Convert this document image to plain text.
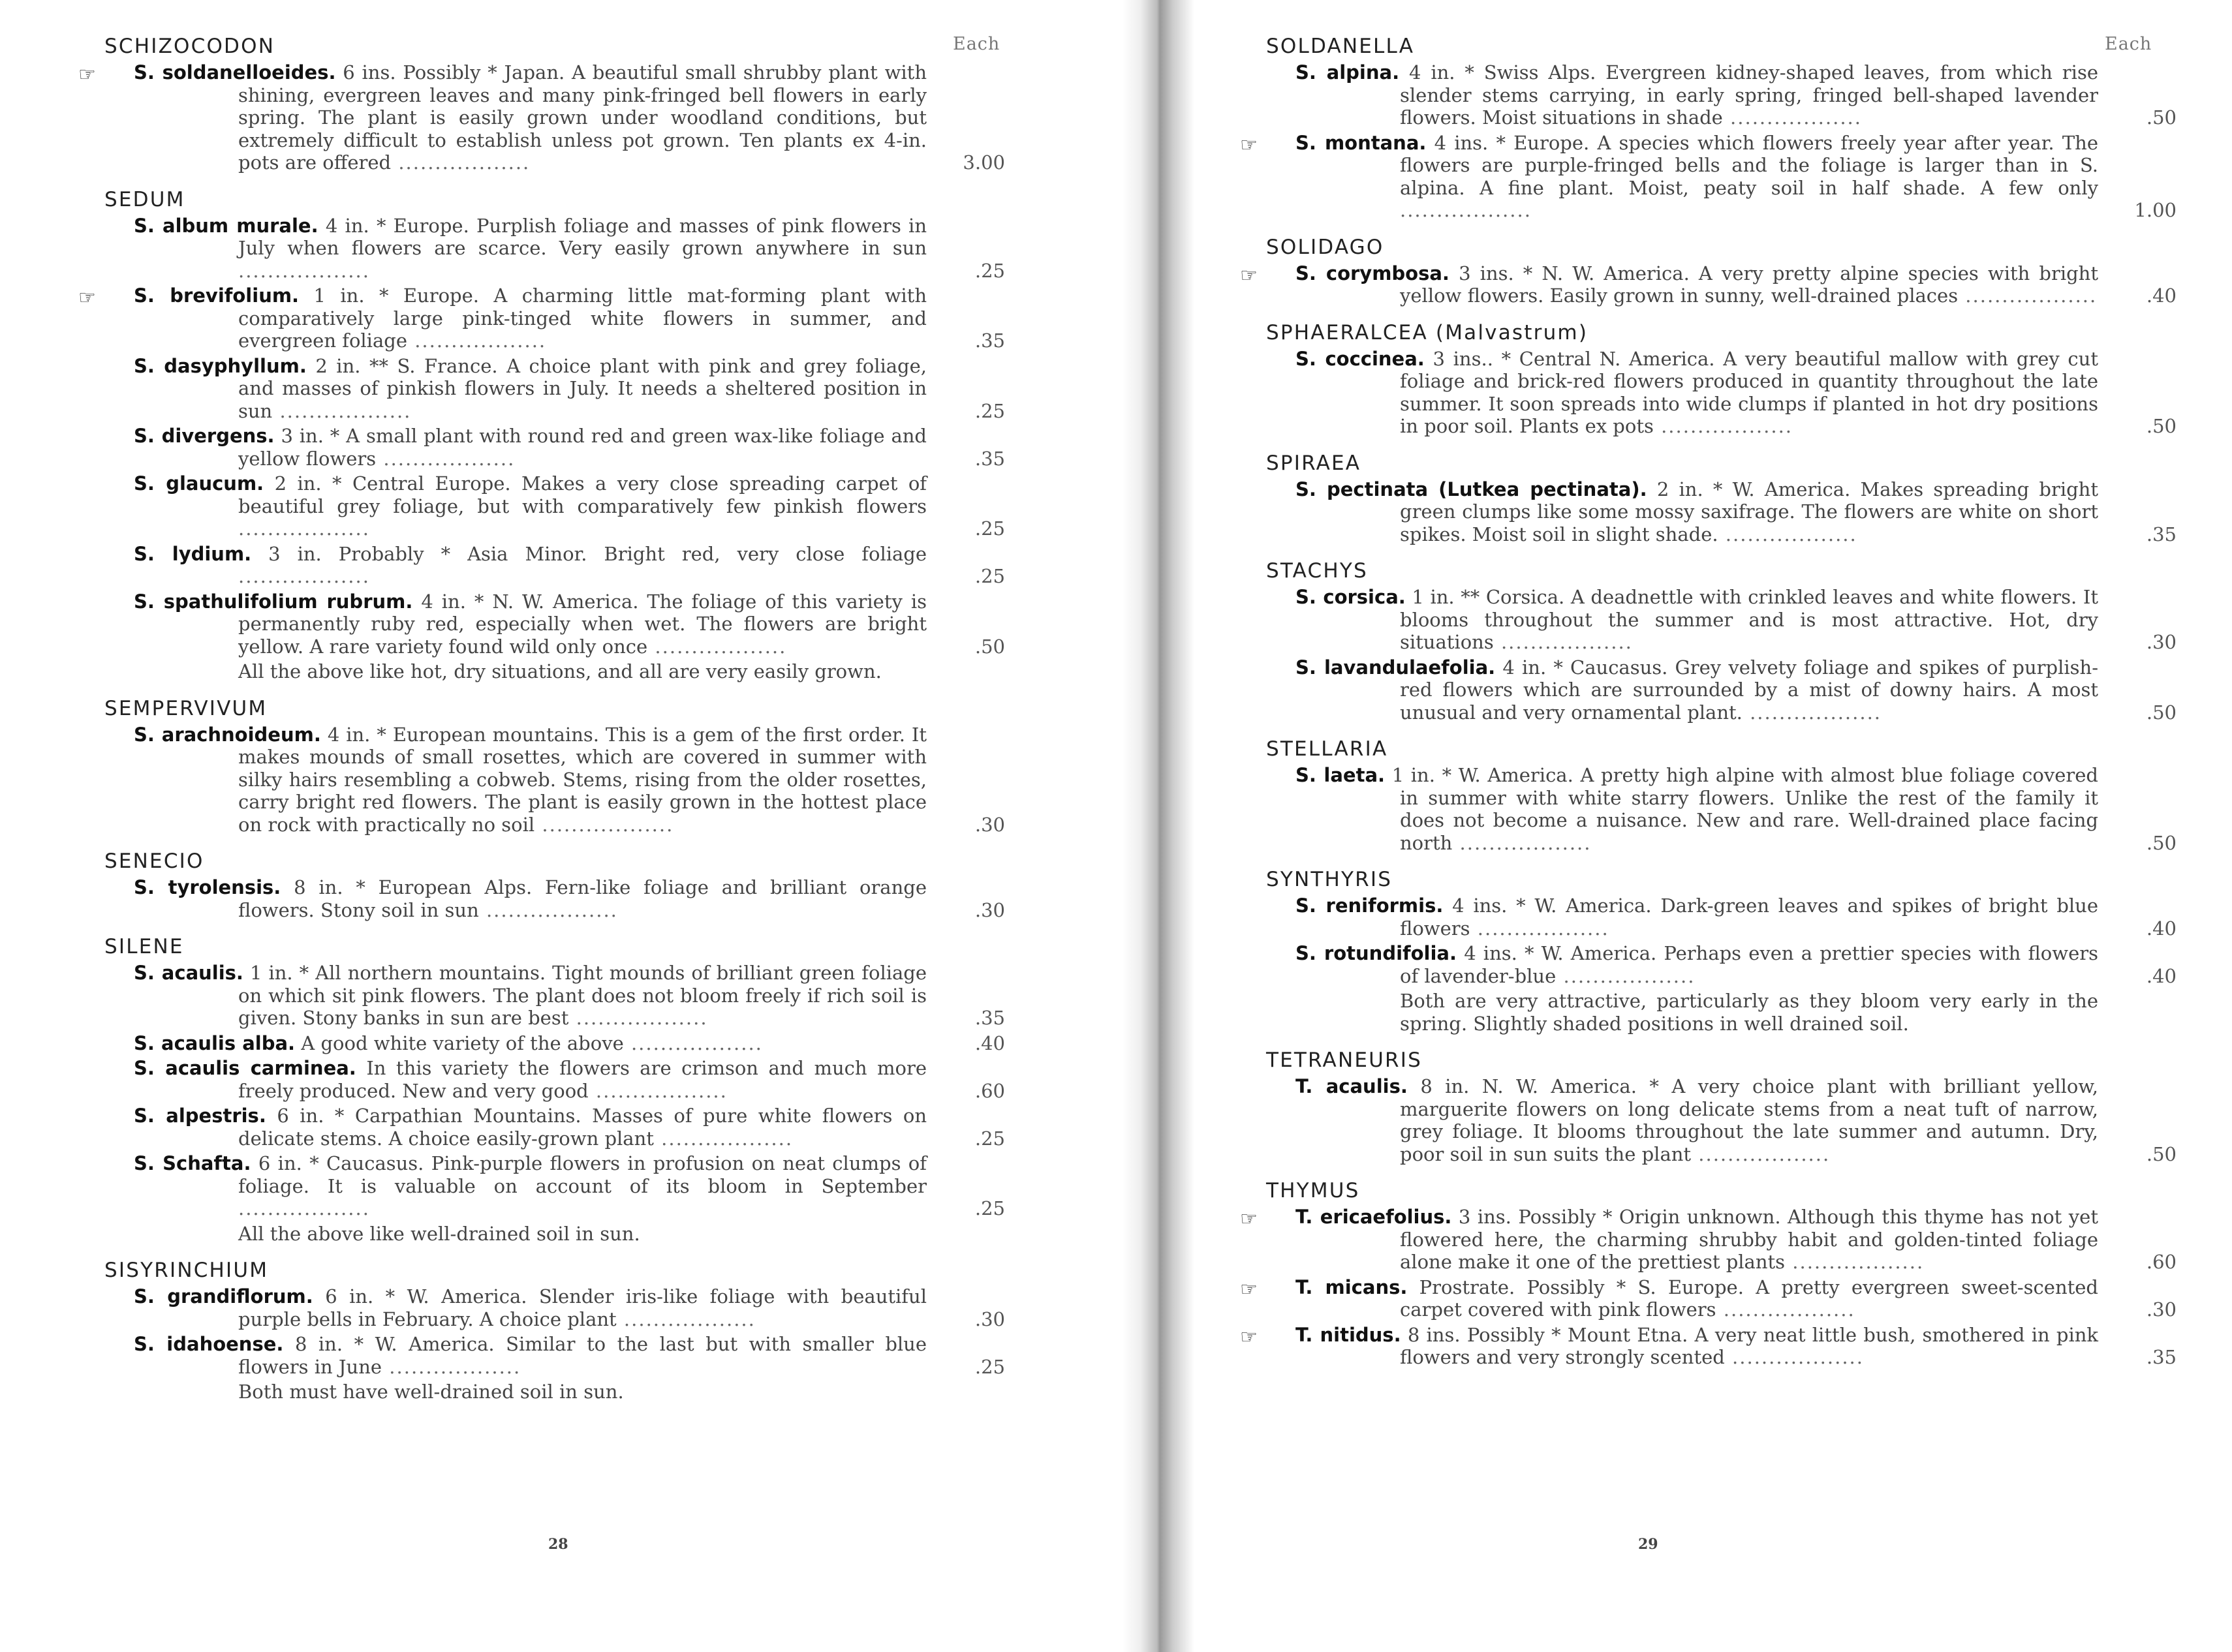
Each
SCHIZOCODON
☞ S. soldanelloeides. 6 ins. Possibly * Japan. A beautiful small shrubby plant with shining, evergreen leaves and many pink-fringed bell flowers in early spring. The plant is easily grown under woodland conditions, but extremely difficult to establish unless pot grown. Ten plants ex 4-in. pots are offered ..................	3.00
SEDUM
S. album murale. 4 in. * Europe. Purplish foliage and masses of pink flowers in July when flowers are scarce. Very easily grown anywhere in sun ..................	.25
☞ S. brevifolium. 1 in. * Europe. A charming little mat-forming plant with comparatively large pink-tinged white flowers in summer, and evergreen foliage ..................	.35
S. dasyphyllum. 2 in. ** S. France. A choice plant with pink and grey foliage, and masses of pinkish flowers in July. It needs a sheltered position in sun ..................	.25
S. divergens. 3 in. * A small plant with round red and green wax-like foliage and yellow flowers ..................	.35
S. glaucum. 2 in. * Central Europe. Makes a very close spreading carpet of beautiful grey foliage, but with comparatively few pinkish flowers ..................	.25
S. lydium. 3 in. Probably * Asia Minor. Bright red, very close foliage ..................	.25
S. spathulifolium rubrum. 4 in. * N. W. America. The foliage of this variety is permanently ruby red, especially when wet. The flowers are bright yellow. A rare variety found wild only once ..................	.50
All the above like hot, dry situations, and all are very easily grown.
SEMPERVIVUM
S. arachnoideum. 4 in. * European mountains. This is a gem of the first order. It makes mounds of small rosettes, which are covered in summer with silky hairs resembling a cobweb. Stems, rising from the older rosettes, carry bright red flowers. The plant is easily grown in the hottest place on rock with practically no soil ..................	.30
SENECIO
S. tyrolensis. 8 in. * European Alps. Fern-like foliage and brilliant orange flowers. Stony soil in sun ..................	.30
SILENE
S. acaulis. 1 in. * All northern mountains. Tight mounds of brilliant green foliage on which sit pink flowers. The plant does not bloom freely if rich soil is given. Stony banks in sun are best ..................	.35
S. acaulis alba. A good white variety of the above ..................	.40
S. acaulis carminea. In this variety the flowers are crimson and much more freely produced. New and very good ..................	.60
S. alpestris. 6 in. * Carpathian Mountains. Masses of pure white flowers on delicate stems. A choice easily-grown plant ..................	.25
S. Schafta. 6 in. * Caucasus. Pink-purple flowers in profusion on neat clumps of foliage. It is valuable on account of its bloom in September ..................	.25
All the above like well-drained soil in sun.
SISYRINCHIUM
S. grandiflorum. 6 in. * W. America. Slender iris-like foliage with beautiful purple bells in February. A choice plant ..................	.30
S. idahoense. 8 in. * W. America. Similar to the last but with smaller blue flowers in June ..................	.25
Both must have well-drained soil in sun.
28
Each
SOLDANELLA
S. alpina. 4 in. * Swiss Alps. Evergreen kidney-shaped leaves, from which rise slender stems carrying, in early spring, fringed bell-shaped lavender flowers. Moist situations in shade ..................	.50
☞ S. montana. 4 ins. * Europe. A species which flowers freely year after year. The flowers are purple-fringed bells and the foliage is larger than in S. alpina. A fine plant. Moist, peaty soil in half shade. A few only ..................	1.00
SOLIDAGO
☞ S. corymbosa. 3 ins. * N. W. America. A very pretty alpine species with bright yellow flowers. Easily grown in sunny, well-drained places ..................	.40
SPHAERALCEA (Malvastrum)
S. coccinea. 3 ins.. * Central N. America. A very beautiful mallow with grey cut foliage and brick-red flowers produced in quantity throughout the late summer. It soon spreads into wide clumps if planted in hot dry positions in poor soil. Plants ex pots ..................	.50
SPIRAEA
S. pectinata (Lutkea pectinata). 2 in. * W. America. Makes spreading bright green clumps like some mossy saxifrage. The flowers are white on short spikes. Moist soil in slight shade. ..................	.35
STACHYS
S. corsica. 1 in. ** Corsica. A deadnettle with crinkled leaves and white flowers. It blooms throughout the summer and is most attractive. Hot, dry situations ..................	.30
S. lavandulaefolia. 4 in. * Caucasus. Grey velvety foliage and spikes of purplish-red flowers which are surrounded by a mist of downy hairs. A most unusual and very ornamental plant. ..................	.50
STELLARIA
S. laeta. 1 in. * W. America. A pretty high alpine with almost blue foliage covered in summer with white starry flowers. Unlike the rest of the family it does not become a nuisance. New and rare. Well-drained place facing north ..................	.50
SYNTHYRIS
S. reniformis. 4 ins. * W. America. Dark-green leaves and spikes of bright blue flowers ..................	.40
S. rotundifolia. 4 ins. * W. America. Perhaps even a prettier species with flowers of lavender-blue ..................	.40
Both are very attractive, particularly as they bloom very early in the spring. Slightly shaded positions in well drained soil.
TETRANEURIS
T. acaulis. 8 in. N. W. America. * A very choice plant with brilliant yellow, marguerite flowers on long delicate stems from a neat tuft of narrow, grey foliage. It blooms throughout the late summer and autumn. Dry, poor soil in sun suits the plant ..................	.50
THYMUS
☞ T. ericaefolius. 3 ins. Possibly * Origin unknown. Although this thyme has not yet flowered here, the charming shrubby habit and golden-tinted foliage alone make it one of the prettiest plants ..................	.60
☞ T. micans. Prostrate. Possibly * S. Europe. A pretty evergreen sweet-scented carpet covered with pink flowers ..................	.30
☞ T. nitidus. 8 ins. Possibly * Mount Etna. A very neat little bush, smothered in pink flowers and very strongly scented ..................	.35
29
